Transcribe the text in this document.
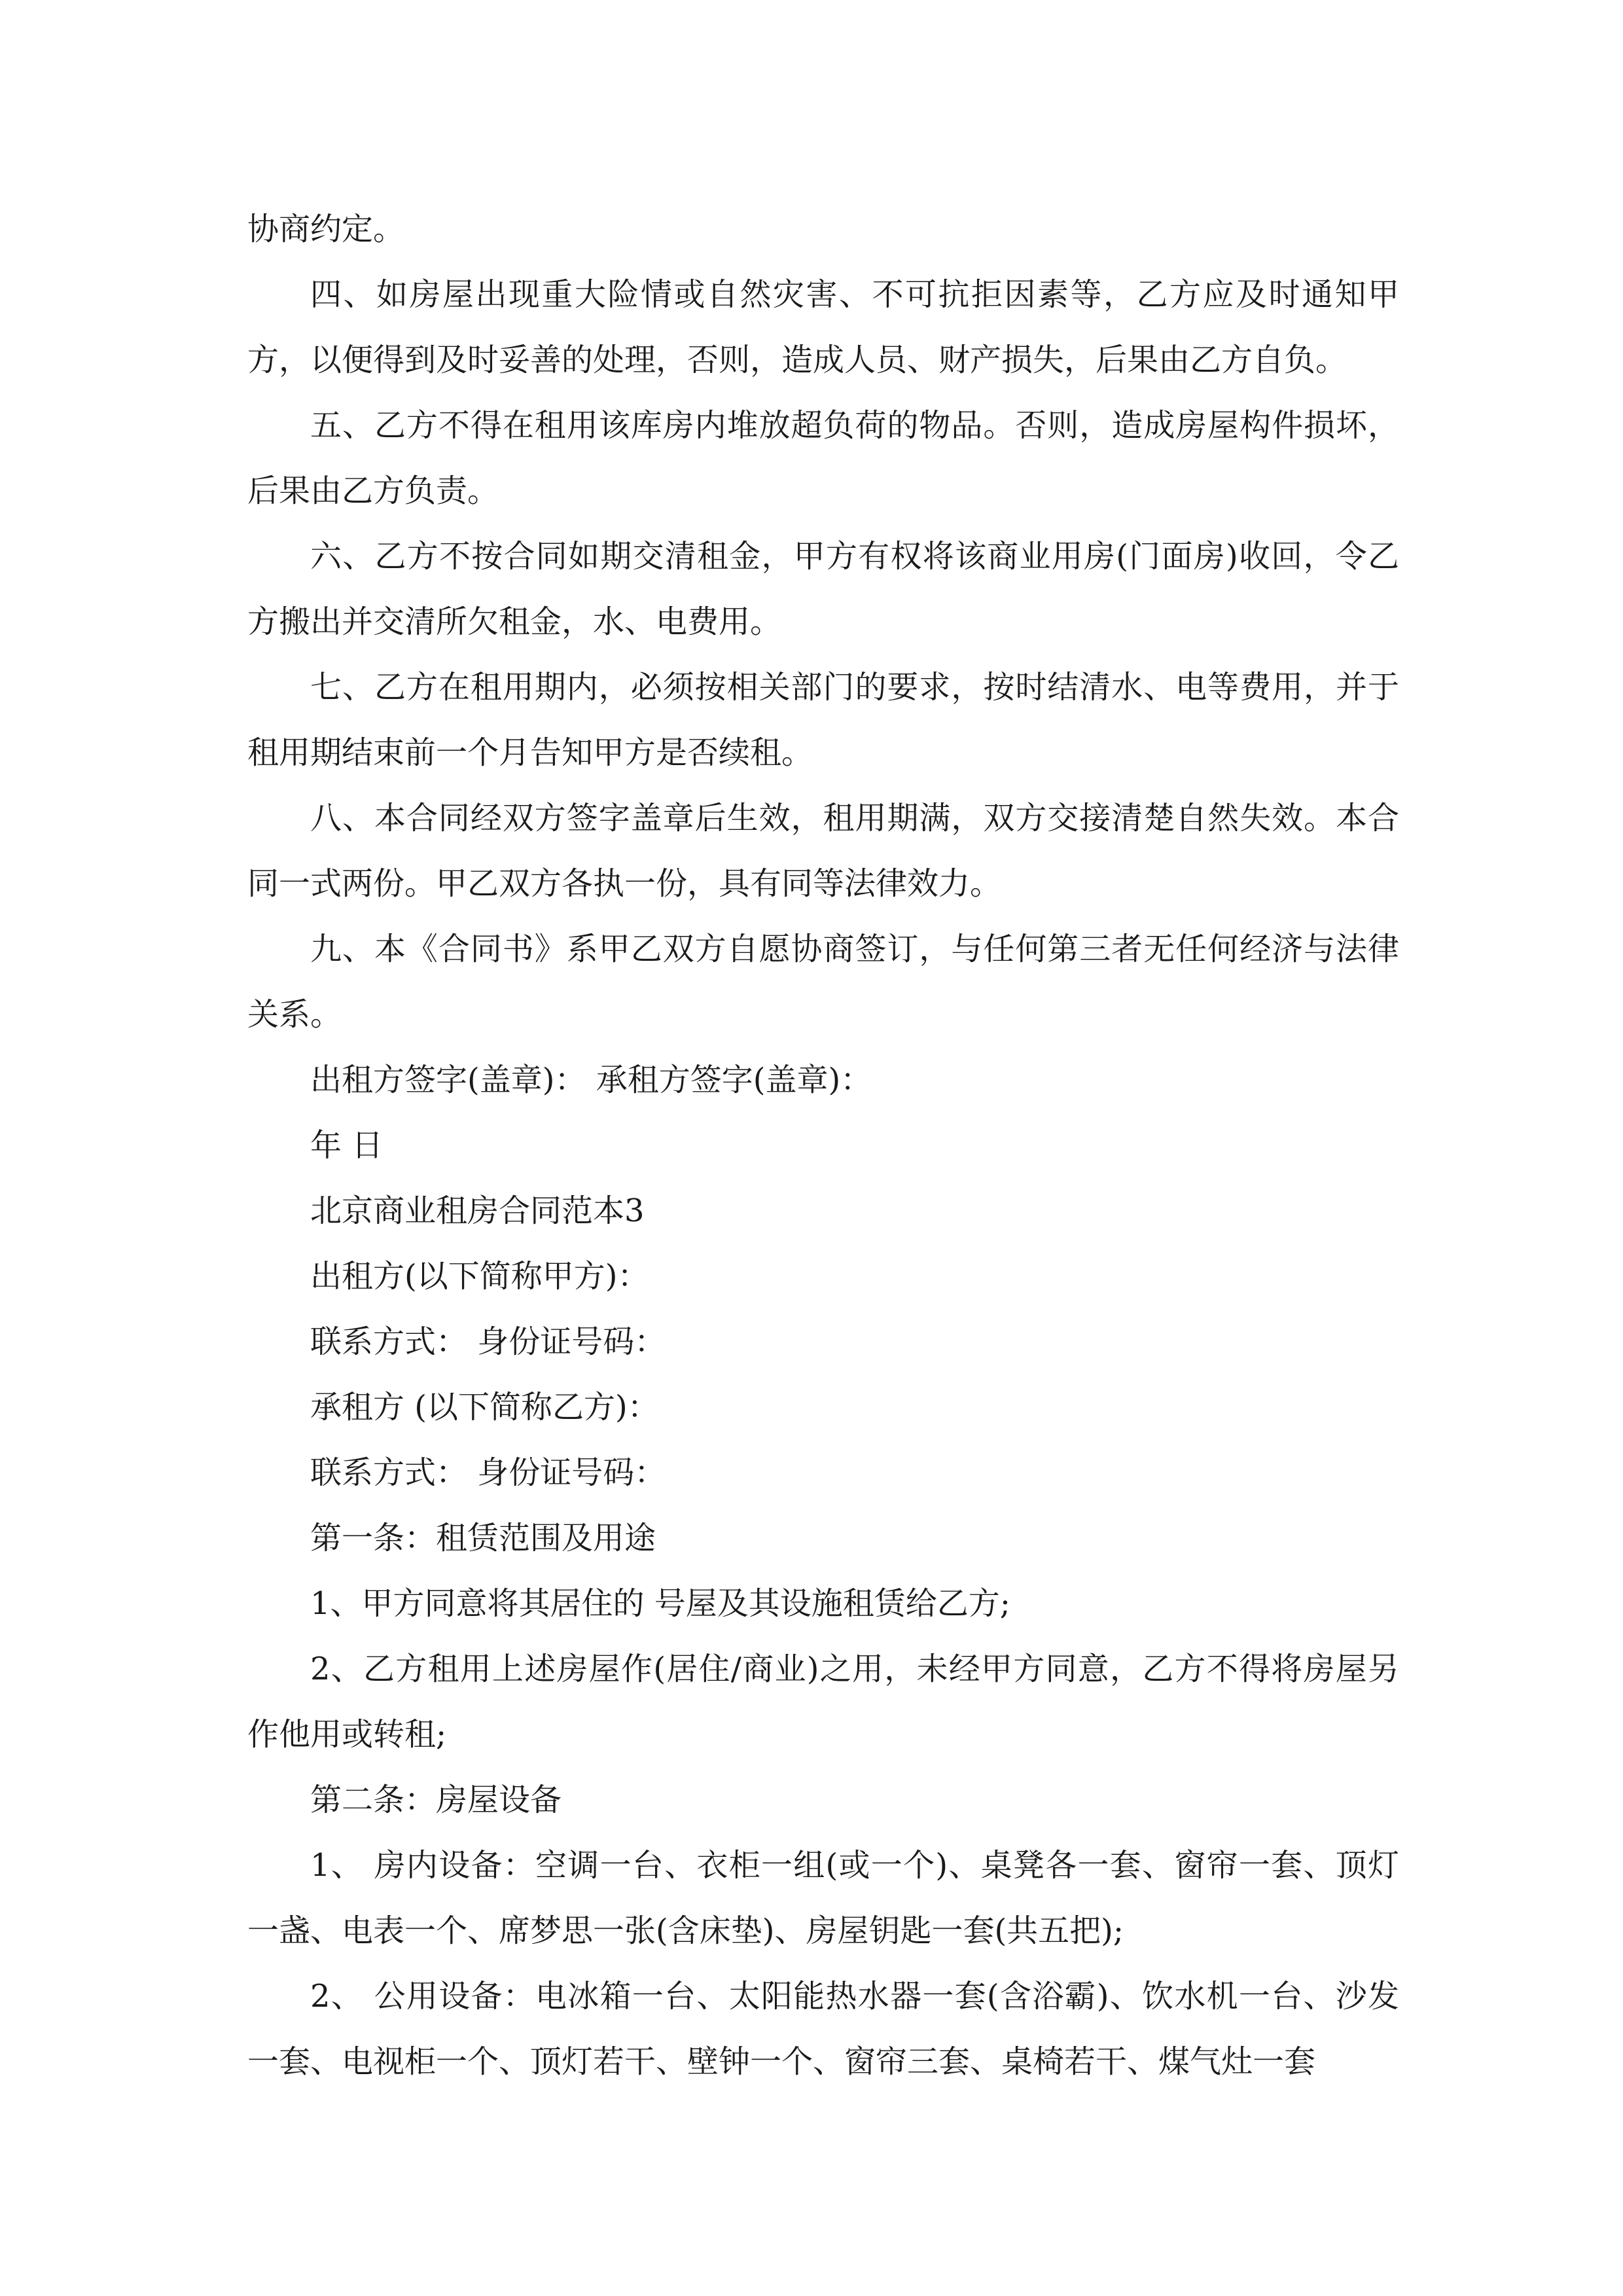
协商约定。

四、如房屋出现重大险情或自然灾害、不可抗拒因素等，乙方应及时通知甲方，以便得到及时妥善的处理，否则，造成人员、财产损失，后果由乙方自负。

五、乙方不得在租用该库房内堆放超负荷的物品。否则，造成房屋构件损坏，后果由乙方负责。

六、乙方不按合同如期交清租金，甲方有权将该商业用房(门面房)收回，令乙方搬出并交清所欠租金，水、电费用。

七、乙方在租用期内，必须按相关部门的要求，按时结清水、电等费用，并于租用期结束前一个月告知甲方是否续租。

八、本合同经双方签字盖章后生效，租用期满，双方交接清楚自然失效。本合同一式两份。甲乙双方各执一份，具有同等法律效力。

九、本《合同书》系甲乙双方自愿协商签订，与任何第三者无任何经济与法律关系。

出租方签字(盖章)： 承租方签字(盖章)：

年 日

北京商业租房合同范本3

出租方(以下简称甲方)：

联系方式： 身份证号码：

承租方 (以下简称乙方)：

联系方式： 身份证号码：

第一条：租赁范围及用途

1、甲方同意将其居住的 号屋及其设施租赁给乙方;

2、乙方租用上述房屋作(居住/商业)之用，未经甲方同意，乙方不得将房屋另作他用或转租;

第二条：房屋设备

1、 房内设备：空调一台、衣柜一组(或一个)、桌凳各一套、窗帘一套、顶灯一盏、电表一个、席梦思一张(含床垫)、房屋钥匙一套(共五把);

2、 公用设备：电冰箱一台、太阳能热水器一套(含浴霸)、饮水机一台、沙发一套、电视柜一个、顶灯若干、壁钟一个、窗帘三套、桌椅若干、煤气灶一套
